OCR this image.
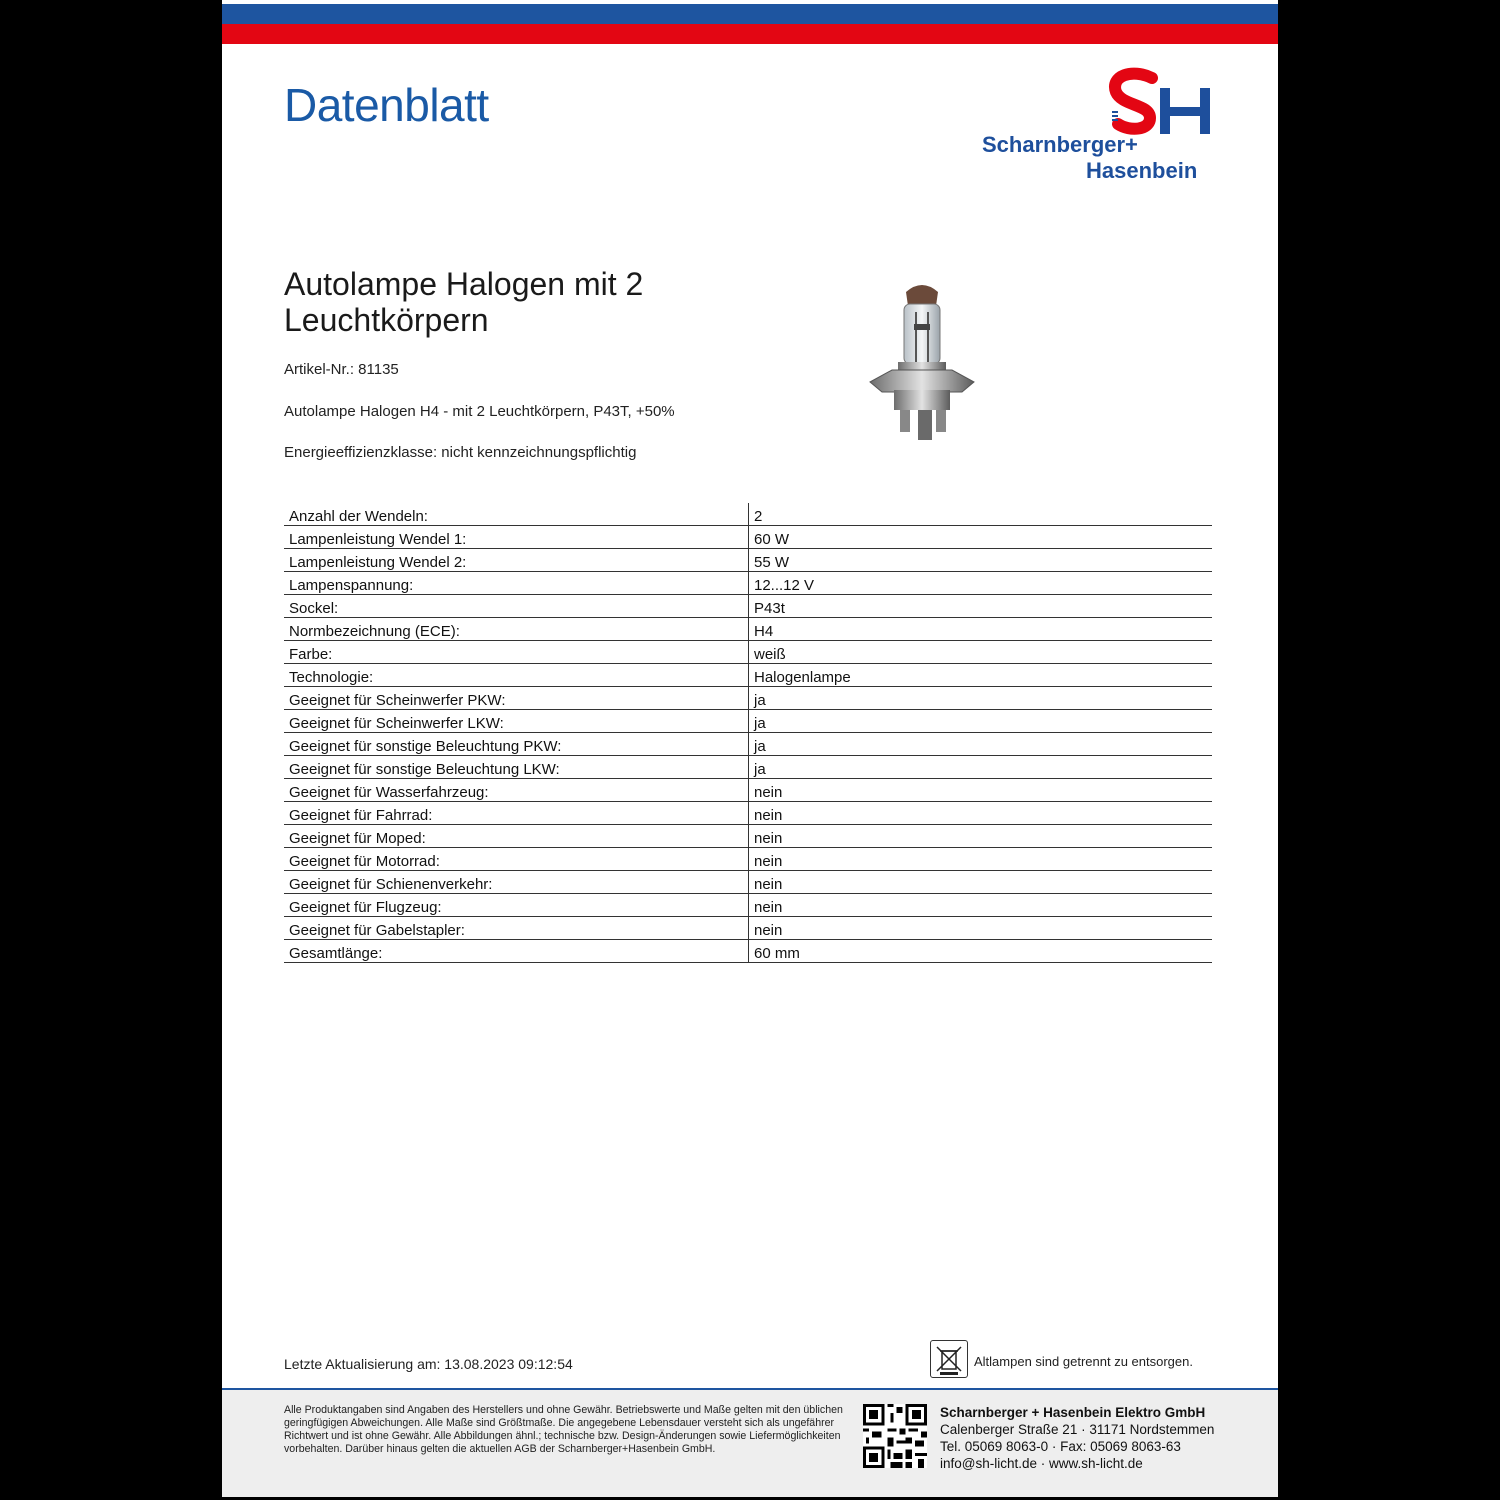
Datenblatt
Scharnberger+
Hasenbein
Autolampe Halogen mit 2 Leuchtkörpern
Artikel-Nr.: 81135
Autolampe Halogen H4 - mit 2 Leuchtkörpern, P43T, +50%
Energieeffizienzklasse: nicht kennzeichnungspflichtig
Anzahl der Wendeln:	2
Lampenleistung Wendel 1:	60 W
Lampenleistung Wendel 2:	55 W
Lampenspannung:	12...12 V
Sockel:	P43t
Normbezeichnung (ECE):	H4
Farbe:	weiß
Technologie:	Halogenlampe
Geeignet für Scheinwerfer PKW:	ja
Geeignet für Scheinwerfer LKW:	ja
Geeignet für sonstige Beleuchtung PKW:	ja
Geeignet für sonstige Beleuchtung LKW:	ja
Geeignet für Wasserfahrzeug:	nein
Geeignet für Fahrrad:	nein
Geeignet für Moped:	nein
Geeignet für Motorrad:	nein
Geeignet für Schienenverkehr:	nein
Geeignet für Flugzeug:	nein
Geeignet für Gabelstapler:	nein
Gesamtlänge:	60 mm
Letzte Aktualisierung am: 13.08.2023 09:12:54	Altlampen sind getrennt zu entsorgen.
Alle Produktangaben sind Angaben des Herstellers und ohne Gewähr. Betriebswerte und Maße gelten mit den üblichen geringfügigen Abweichungen. Alle Maße sind Größtmaße. Die angegebene Lebensdauer versteht sich als ungefährer Richtwert und ist ohne Gewähr. Alle Abbildungen ähnl.; technische bzw. Design-Änderungen sowie Liefermöglichkeiten vorbehalten. Darüber hinaus gelten die aktuellen AGB der Scharnberger+Hasenbein GmbH.
Scharnberger + Hasenbein Elektro GmbH
Calenberger Straße 21 · 31171 Nordstemmen
Tel. 05069 8063-0 · Fax: 05069 8063-63
info@sh-licht.de · www.sh-licht.de
